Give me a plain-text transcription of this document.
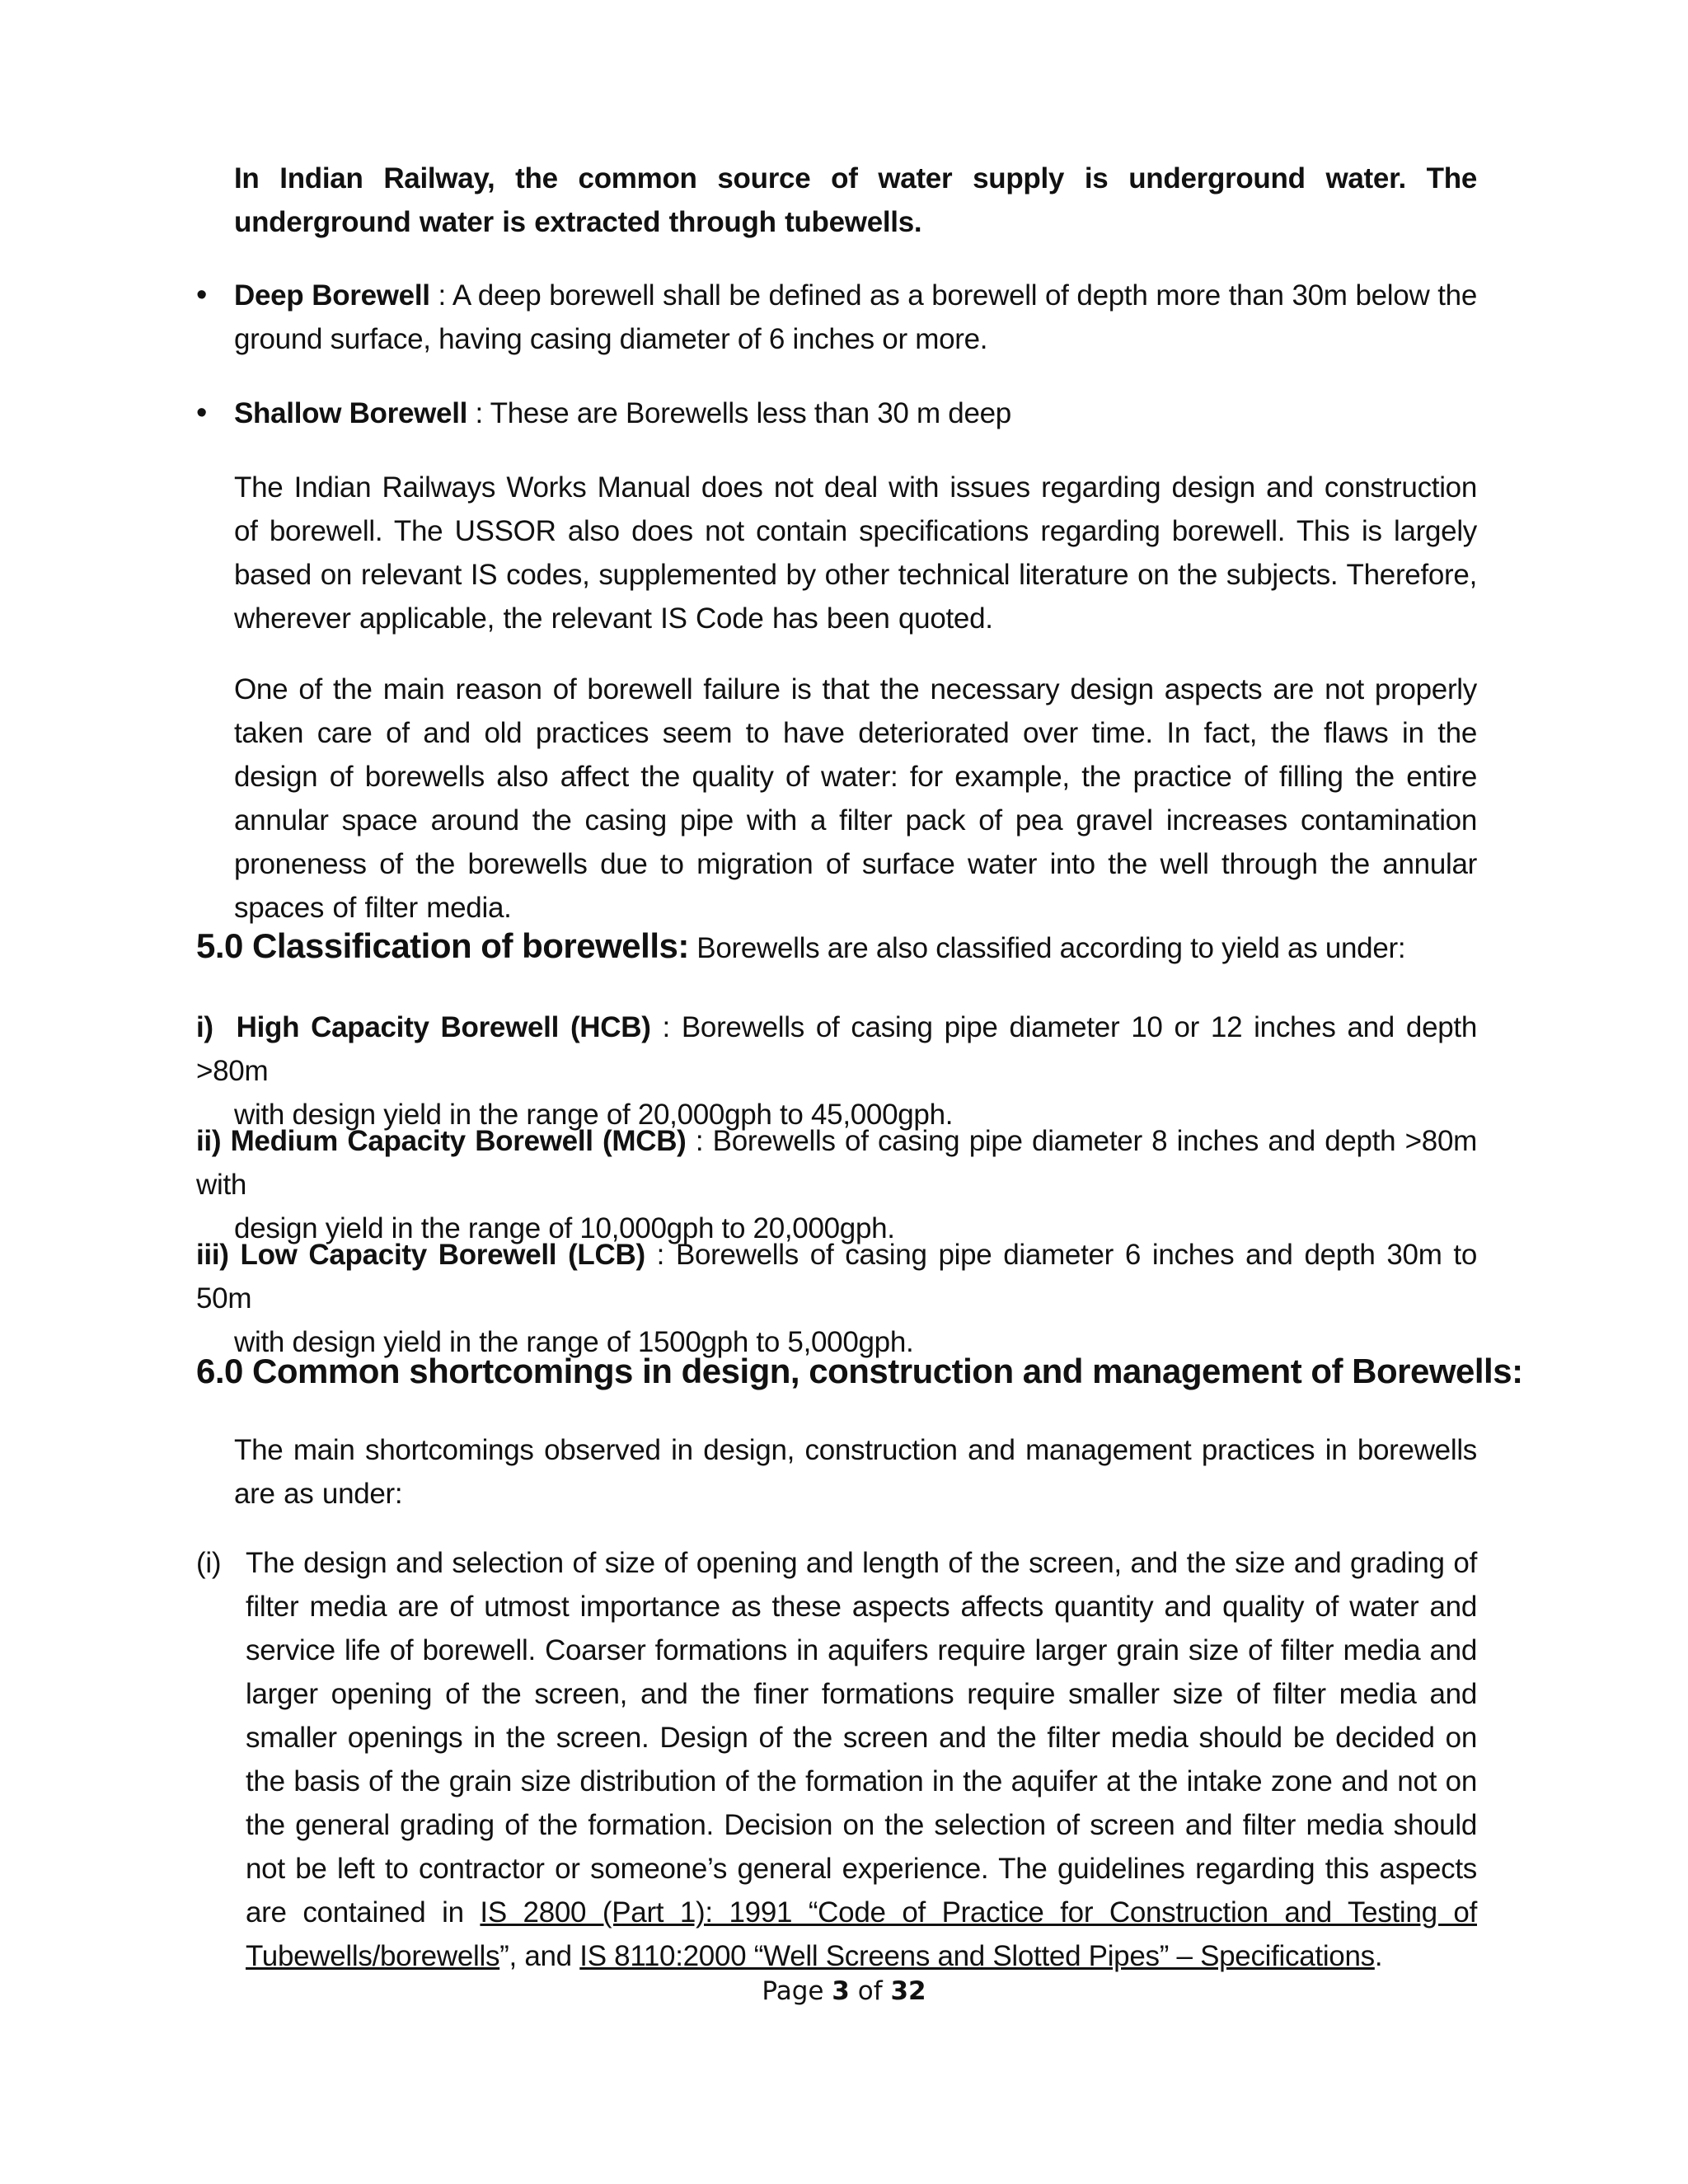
In Indian Railway, the common source of water supply is underground water. The underground water is extracted through tubewells.
•
Deep Borewell : A deep borewell shall be defined as a borewell of depth more than 30m below the ground surface, having casing diameter of 6 inches or more.
•
Shallow Borewell : These are Borewells less than 30 m deep
The Indian Railways Works Manual does not deal with issues regarding design and construction of borewell. The USSOR also does not contain specifications regarding borewell. This is largely based on relevant IS codes, supplemented by other technical literature on the subjects. Therefore, wherever applicable, the relevant IS Code has been quoted.
One of the main reason of borewell failure is that the necessary design aspects are not properly taken care of and old practices seem to have deteriorated over time. In fact, the flaws in the design of borewells also affect the quality of water: for example, the practice of filling the entire annular space around the casing pipe with a filter pack of pea gravel increases contamination proneness of the borewells due to migration of surface water into the well through the annular spaces of filter media.
5.0 Classification of borewells: Borewells are also classified according to yield as under:
i) High Capacity Borewell (HCB) : Borewells of casing pipe diameter 10 or 12 inches and depth >80m
with design yield in the range of 20,000gph to 45,000gph.
ii) Medium Capacity Borewell (MCB) : Borewells of casing pipe diameter 8 inches and depth >80m with
design yield in the range of 10,000gph to 20,000gph.
iii) Low Capacity Borewell (LCB) : Borewells of casing pipe diameter 6 inches and depth 30m to 50m
with design yield in the range of 1500gph to 5,000gph.
6.0 Common shortcomings in design, construction and management of Borewells:
The main shortcomings observed in design, construction and management practices in borewells are as under:
(i) The design and selection of size of opening and length of the screen, and the size and grading of filter media are of utmost importance as these aspects affects quantity and quality of water and service life of borewell. Coarser formations in aquifers require larger grain size of filter media and larger opening of the screen, and the finer formations require smaller size of filter media and smaller openings in the screen. Design of the screen and the filter media should be decided on the basis of the grain size distribution of the formation in the aquifer at the intake zone and not on the general grading of the formation. Decision on the selection of screen and filter media should not be left to contractor or someone’s general experience. The guidelines regarding this aspects are contained in IS 2800 (Part 1): 1991 “Code of Practice for Construction and Testing of Tubewells/borewells”, and IS 8110:2000 “Well Screens and Slotted Pipes” – Specifications.
Page 3 of 32
